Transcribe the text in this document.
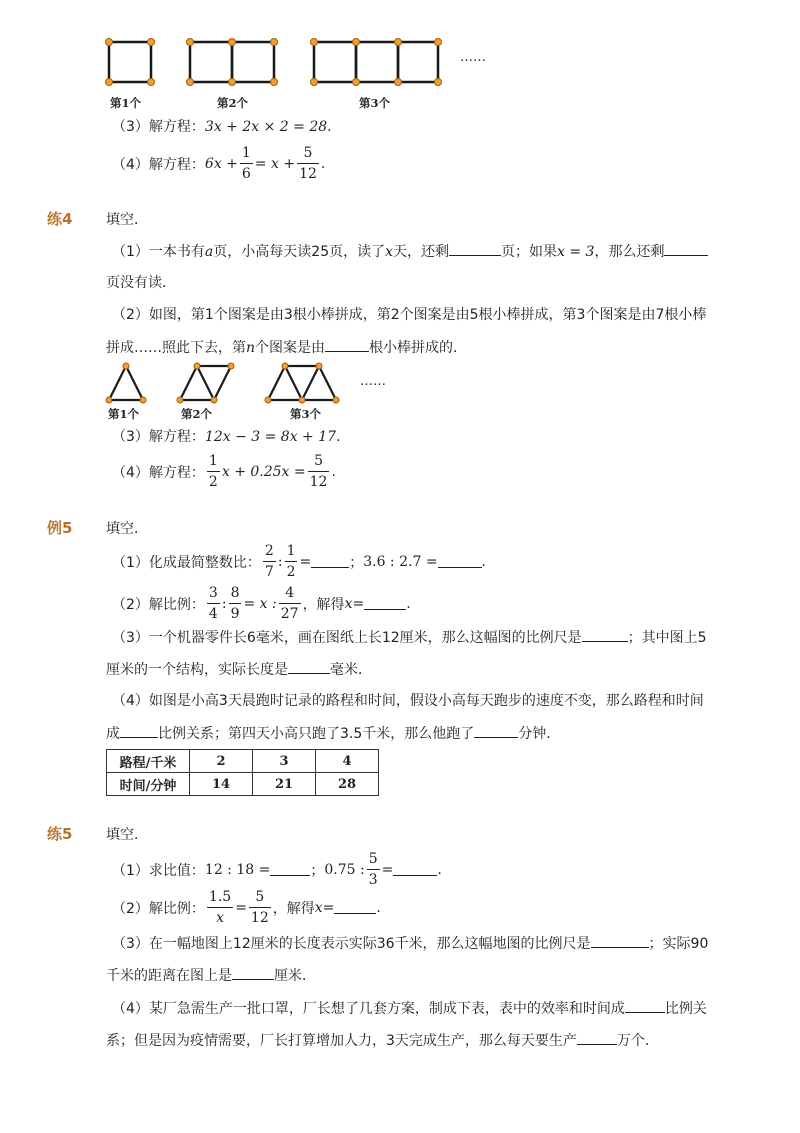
……
第1个	第2个	第3个
（3）解方程：3x + 2x × 2 = 28.
（4）解方程： $6x + \frac{1}{6} = x + \frac{5}{12}$ .
练4 填空．
（1）一本书有a页，小高每天读25页，读了x天，还剩	页；如果x = 3，那么还剩
页没有读．
（2）如图，第1个图案是由3根小棒拼成，第2个图案是由5根小棒拼成，第3个图案是由7根小棒
拼成……照此下去，第n个图案是由	根小棒拼成的．
……
第1个	第2个	第3个
（3）解方程：12x − 3 = 8x + 17.
（4）解方程： $\frac{1}{2}$ $x + 0.25x = \frac{5}{12}$ .
例5 填空．
（1）化成最简整数比： $\frac{2}{7}$ : $\frac{1}{2}$ =	； 3.6 : 2.7 =	.
（2）解比例： $\frac{3}{4}$ : $\frac{8}{9} = x$ : $\frac{4}{27}$ ，解得 x =	.
（3）一个机器零件长6毫米，画在图纸上长12厘米，那么这幅图的比例尺是	；其中图上5
厘米的一个结构，实际长度是	毫米．
（4）如图是小高3天晨跑时记录的路程和时间，假设小高每天跑步的速度不变，那么路程和时间
成	比例关系；第四天小高只跑了3.5千米，那么他跑了	分钟．
路程/千米	2	3	4
时间/分钟	14	21	28
练5 填空．
（1）求比值： 12 : 18 =	； 0.75 : $\frac{5}{3}$ =	.
（2）解比例： $\frac{1.5}{x} = \frac{5}{12}$ ，解得 x =	.
（3）在一幅地图上12厘米的长度表示实际36千米，那么这幅地图的比例尺是	；实际90
千米的距离在图上是	厘米．
（4）某厂急需生产一批口罩，厂长想了几套方案，制成下表，表中的效率和时间成	比例关
系；但是因为疫情需要，厂长打算增加人力，3天完成生产，那么每天要生产	万个．
